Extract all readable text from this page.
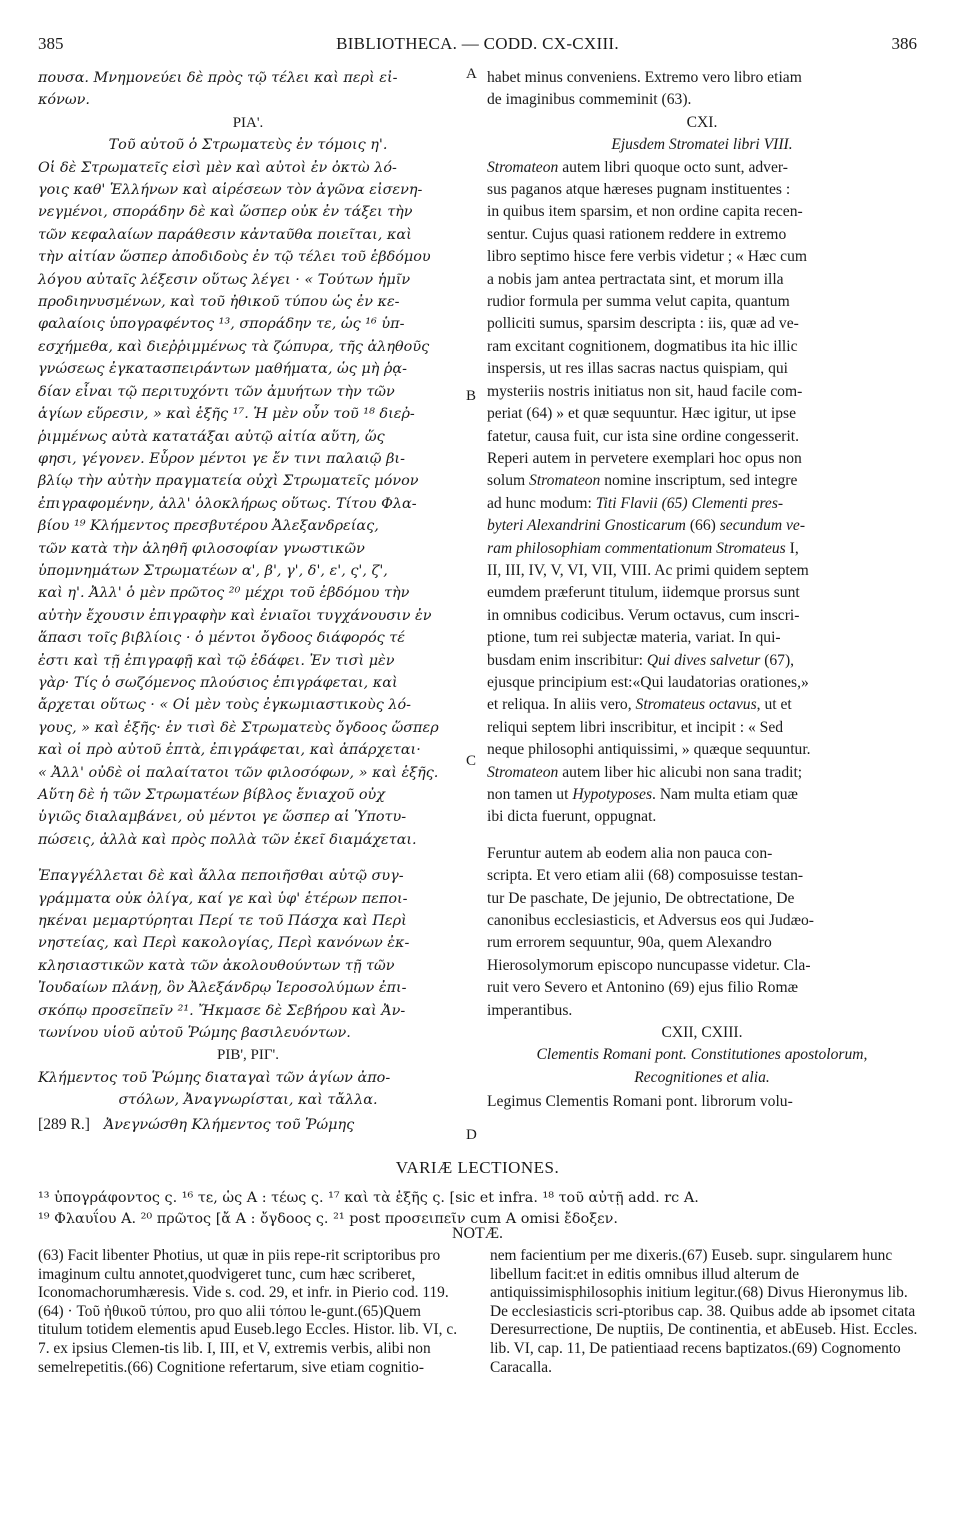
385	BIBLIOTHECA. — CODD. CX-CXIII.	386
A
B
C
D
πουσα. Μνημονεύει δὲ πρὸς τῷ τέλει καὶ περὶ εἰ-
κόνων.
ΡΙΑ'.
Τοῦ αὐτοῦ ὁ Στρωματεὺς ἐν τόμοις η'.
Οἱ δὲ Στρωματεῖς εἰσὶ μὲν καὶ αὐτοὶ ἐν ὀκτὼ λό-
γοις καθ' Ἑλλήνων καὶ αἱρέσεων τὸν ἀγῶνα εἰσενη-
νεγμένοι, σποράδην δὲ καὶ ὥσπερ οὐκ ἐν τάξει τὴν
τῶν κεφαλαίων παράθεσιν κἀνταῦθα ποιεῖται, καὶ
τὴν αἰτίαν ὥσπερ ἀποδιδοὺς ἐν τῷ τέλει τοῦ ἑβδόμου
λόγου αὐταῖς λέξεσιν οὕτως λέγει · « Τούτων ἡμῖν
προδιηνυσμένων, καὶ τοῦ ἠθικοῦ τύπου ὡς ἐν κε-
φαλαίοις ὑπογραφέντος ¹³, σποράδην τε, ὡς ¹⁶ ὑπ-
εσχήμεθα, καὶ διεῤῥιμμένως τὰ ζώπυρα, τῆς ἀληθοῦς
γνώσεως ἐγκατασπειράντων μαθήματα, ὡς μὴ ῥᾳ-
δίαν εἶναι τῷ περιτυχόντι τῶν ἀμυήτων τὴν τῶν
ἁγίων εὕρεσιν, » καὶ ἑξῆς ¹⁷. Ἡ μὲν οὖν τοῦ ¹⁸ διεῤ-
ῥιμμένως αὐτὰ κατατάξαι αὐτῷ αἰτία αὕτη, ὥς
φησι, γέγονεν. Εὗρον μέντοι γε ἔν τινι παλαιῷ βι-
βλίῳ τὴν αὐτὴν πραγματεία οὐχὶ Στρωματεῖς μόνον
ἐπιγραφομένην, ἀλλ' ὁλοκλήρως οὕτως. Τίτου Φλα-
βίου ¹⁹ Κλήμεντος πρεσβυτέρου Ἀλεξανδρείας,
τῶν κατὰ τὴν ἀληθῆ φιλοσοφίαν γνωστικῶν
ὑπομνημάτων Στρωματέων α', β', γ', δ', ε', ς', ζ',
καὶ η'. Ἀλλ' ὁ μὲν πρῶτος ²⁰ μέχρι τοῦ ἑβδόμου τὴν
αὐτὴν ἔχουσιν ἐπιγραφὴν καὶ ἐνιαῖοι τυγχάνουσιν ἐν
ἅπασι τοῖς βιβλίοις · ὁ μέντοι ὄγδοος διάφορός τέ
ἐστι καὶ τῇ ἐπιγραφῇ καὶ τῷ ἐδάφει. Ἐν τισὶ μὲν
γὰρ· Τίς ὁ σωζόμενος πλούσιος ἐπιγράφεται, καὶ
ἄρχεται οὕτως · « Οἱ μὲν τοὺς ἐγκωμιαστικοὺς λό-
γους, » καὶ ἑξῆς· ἐν τισὶ δὲ Στρωματεὺς ὄγδοος ὥσπερ
καὶ οἱ πρὸ αὐτοῦ ἑπτὰ, ἐπιγράφεται, καὶ ἀπάρχεται·
« Ἀλλ' οὐδὲ οἱ παλαίτατοι τῶν φιλοσόφων, » καὶ ἑξῆς.
Αὕτη δὲ ἡ τῶν Στρωματέων βίβλος ἔνιαχοῦ οὐχ
ὑγιῶς διαλαμβάνει, οὐ μέντοι γε ὥσπερ αἱ Ὑποτυ-
πώσεις, ἀλλὰ καὶ πρὸς πολλὰ τῶν ἐκεῖ διαμάχεται.
Ἐπαγγέλλεται δὲ καὶ ἄλλα πεποιῆσθαι αὐτῷ συγ-
γράμματα οὐκ ὀλίγα, καί γε καὶ ὑφ' ἑτέρων πεποι-
ηκέναι μεμαρτύρηται Περί τε τοῦ Πάσχα καὶ Περὶ
νηστείας, καὶ Περὶ κακολογίας, Περὶ κανόνων ἐκ-
κλησιαστικῶν κατὰ τῶν ἀκολουθούντων τῇ τῶν
Ἰουδαίων πλάνῃ, ὃν Ἀλεξάνδρῳ Ἱεροσολύμων ἐπι-
σκόπῳ προσεῖπεῖν ²¹. Ἤκμασε δὲ Σεβήρου καὶ Ἀν-
τωνίνου υἱοῦ αὐτοῦ Ῥώμης βασιλευόντων.
ΡΙΒ', ΡΙΓ'.
Κλήμεντος τοῦ Ῥώμης διαταγαὶ τῶν ἁγίων ἀπο-
στόλων, Ἀναγνωρίσται, καὶ τἄλλα.
[289 R.] Ἀνεγνώσθη Κλήμεντος τοῦ Ῥώμης
habet minus conveniens. Extremo vero libro etiam
de imaginibus commeminit (63).
CXI.
Ejusdem Stromatei libri VIII.
Stromateon autem libri quoque octo sunt, adver-
sus paganos atque hæreses pugnam instituentes :
in quibus item sparsim, et non ordine capita recen-
sentur. Cujus quasi rationem reddere in extremo
libro septimo hisce fere verbis videtur ; « Hæc cum
a nobis jam antea pertractata sint, et morum illa
rudior formula per summa velut capita, quantum
polliciti sumus, sparsim descripta : iis, quæ ad ve-
ram excitant cognitionem, dogmatibus ita hic illic
inspersis, ut res illas sacras nactus quispiam, qui
mysteriis nostris initiatus non sit, haud facile com-
periat (64) » et quæ sequuntur. Hæc igitur, ut ipse
fatetur, causa fuit, cur ista sine ordine congesserit.
Reperi autem in pervetere exemplari hoc opus non
solum Stromateon nomine inscriptum, sed integre
ad hunc modum: Titi Flavii (65) Clementi pres-
byteri Alexandrini Gnosticarum (66) secundum ve-
ram philosophiam commentationum Stromateus I,
II, III, IV, V, VI, VII, VIII. Ac primi quidem septem
eumdem præferunt titulum, iidemque prorsus sunt
in omnibus codicibus. Verum octavus, cum inscri-
ptione, tum rei subjectæ materia, variat. In qui-
busdam enim inscribitur: Qui dives salvetur (67),
ejusque principium est:«Qui laudatorias orationes,»
et reliqua. In aliis vero, Stromateus octavus, ut et
reliqui septem libri inscribitur, et incipit : « Sed
neque philosophi antiquissimi, » quæque sequuntur.
Stromateon autem liber hic alicubi non sana tradit;
non tamen ut Hypotyposes. Nam multa etiam quæ
ibi dicta fuerunt, oppugnat.
Feruntur autem ab eodem alia non pauca con-
scripta. Et vero etiam alii (68) composuisse testan-
tur De paschate, De jejunio, De obtrectatione, De
canonibus ecclesiasticis, et Adversus eos qui Judæo-
rum errorem sequuntur, 90a, quem Alexandro
Hierosolymorum episcopo nuncupasse videtur. Cla-
ruit vero Severo et Antonino (69) ejus filio Romæ
imperantibus.
CXII, CXIII.
Clementis Romani pont. Constitutiones apostolorum,
Recognitiones et alia.
Legimus Clementis Romani pont. librorum volu-
VARIÆ LECTIONES.
¹³ ὑπογράφοντος ς. ¹⁶ τε, ὡς A : τέως ς. ¹⁷ καὶ τὰ ἑξῆς ς. [sic et infra. ¹⁸ τοῦ αὐτῇ add. rc A.
¹⁹ Φλαυΐου A. ²⁰ πρῶτος [ἄ A : ὄγδοος ς. ²¹ post προσειπεῖν cum A omisi ἔδοξεν.
NOTÆ.
(63) Facit libenter Photius, ut quæ in piis repe-rit scriptoribus pro imaginum cultu annotet,quodvigeret tunc, cum hæc scriberet, Iconomachorumhæresis. Vide s. cod. 29, et infr. in Pierio cod. 119.(64) · Τοῦ ἠθικοῦ τύπου, pro quo alii τόπου le-gunt.(65)Quem titulum totidem elementis apud Euseb.lego Eccles. Histor. lib. VI, c. 7. ex ipsius Clemen-tis lib. I, III, et V, extremis verbis, alibi non semelrepetitis.(66) Cognitione refertarum, sive etiam cognitio-
nem facientium per me dixeris.(67) Euseb. supr. singularem hunc libellum facit:et in editis omnibus illud alterum de antiquissimisphilosophis initium legitur.(68) Divus Hieronymus lib. De ecclesiasticis scri-ptoribus cap. 38. Quibus adde ab ipsomet citata Deresurrectione, De nuptiis, De continentia, et abEuseb. Hist. Eccles. lib. VI, cap. 11, De patientiaad recens baptizatos.(69) Cognomento Caracalla.
